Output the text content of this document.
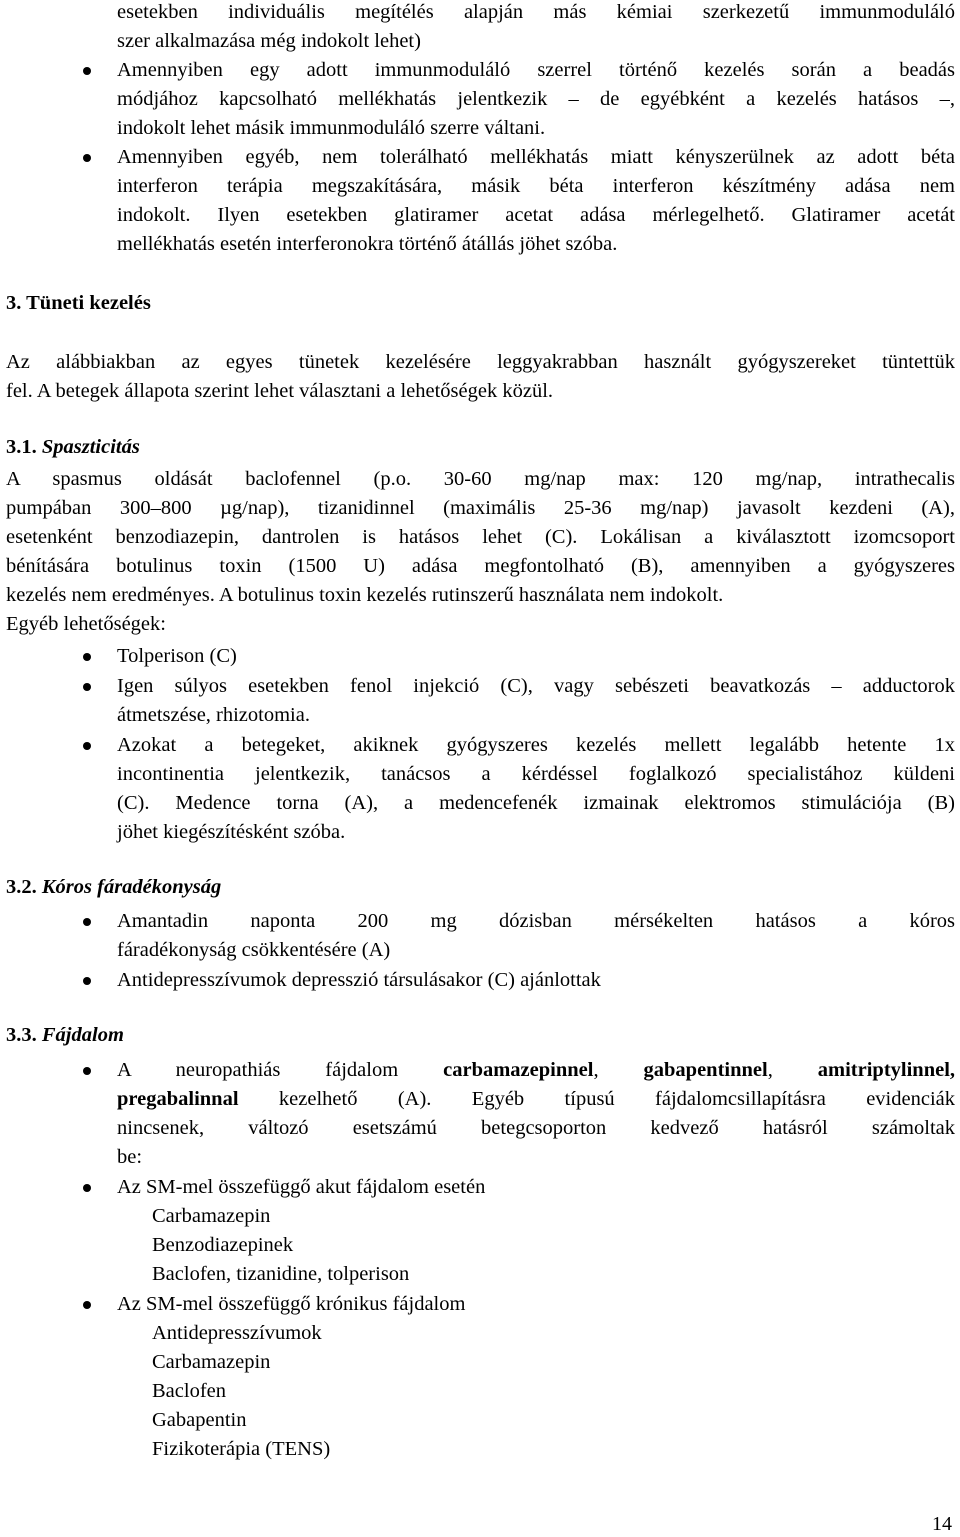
esetekben individuális megítélés alapján más kémiai szerkezetű immunmoduláló

szer alkalmazása még indokolt lehet)

Amennyiben egy adott immunmoduláló szerrel történő kezelés során a beadás

módjához kapcsolható mellékhatás jelentkezik – de egyébként a kezelés hatásos –,

indokolt lehet másik immunmoduláló szerre váltani.

Amennyiben egyéb, nem tolerálható mellékhatás miatt kényszerülnek az adott béta

interferon terápia megszakítására, másik béta interferon készítmény adása nem

indokolt. Ilyen esetekben glatiramer acetat adása mérlegelhető. Glatiramer acetát

mellékhatás esetén interferonokra történő átállás jöhet szóba.

3. Tüneti kezelés

Az alábbiakban az egyes tünetek kezelésére leggyakrabban használt gyógyszereket tüntettük

fel. A betegek állapota szerint lehet választani a lehetőségek közül.

3.1. Spaszticitás

A spasmus oldását baclofennel (p.o. 30-60 mg/nap max: 120 mg/nap, intrathecalis

pumpában 300–800 µg/nap), tizanidinnel (maximális 25-36 mg/nap) javasolt kezdeni (A),

esetenként benzodiazepin, dantrolen is hatásos lehet (C). Lokálisan a kiválasztott izomcsoport

bénítására botulinus toxin (1500 U) adása megfontolható (B), amennyiben a gyógyszeres

kezelés nem eredményes. A botulinus toxin kezelés rutinszerű használata nem indokolt.

Egyéb lehetőségek:

Tolperison (C)

Igen súlyos esetekben fenol injekció (C), vagy sebészeti beavatkozás – adductorok

átmetszése, rhizotomia.

Azokat a betegeket, akiknek gyógyszeres kezelés mellett legalább hetente 1x

incontinentia jelentkezik, tanácsos a kérdéssel foglalkozó specialistához küldeni

(C). Medence torna (A), a medencefenék izmainak elektromos stimulációja (B)

jöhet kiegészítésként szóba.

3.2. Kóros fáradékonyság

Amantadin naponta 200 mg dózisban mérsékelten hatásos a kóros

fáradékonyság csökkentésére (A)

Antidepresszívumok depresszió társulásakor (C) ajánlottak

3.3. Fájdalom

A neuropathiás fájdalom carbamazepinnel, gabapentinnel, amitriptylinnel,

pregabalinnal kezelhető (A). Egyéb típusú fájdalomcsillapításra evidenciák

nincsenek, változó esetszámú betegcsoporton kedvező hatásról számoltak

be:

Az SM-mel összefüggő akut fájdalom esetén

Carbamazepin

Benzodiazepinek

Baclofen, tizanidine, tolperison

Az SM-mel összefüggő krónikus fájdalom

Antidepresszívumok

Carbamazepin

Baclofen

Gabapentin

Fizikoterápia (TENS)

14
